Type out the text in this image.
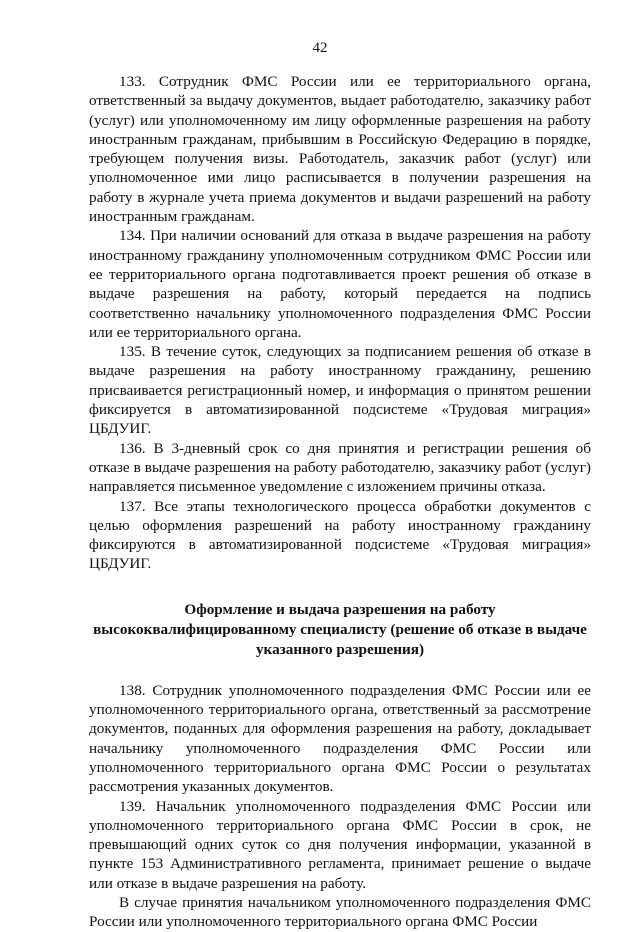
42

133. Сотрудник ФМС России или ее территориального органа, ответственный за выдачу документов, выдает работодателю, заказчику работ (услуг) или уполномоченному им лицу оформленные разрешения на работу иностранным гражданам, прибывшим в Российскую Федерацию в порядке, требующем получения визы. Работодатель, заказчик работ (услуг) или уполномоченное ими лицо расписывается в получении разрешения на работу в журнале учета приема документов и выдачи разрешений на работу иностранным гражданам.

134. При наличии оснований для отказа в выдаче разрешения на работу иностранному гражданину уполномоченным сотрудником ФМС России или ее территориального органа подготавливается проект решения об отказе в выдаче разрешения на работу, который передается на подпись соответственно начальнику уполномоченного подразделения ФМС России или ее территориального органа.

135. В течение суток, следующих за подписанием решения об отказе в выдаче разрешения на работу иностранному гражданину, решению присваивается регистрационный номер, и информация о принятом решении фиксируется в автоматизированной подсистеме «Трудовая миграция» ЦБДУИГ.

136. В 3-дневный срок со дня принятия и регистрации решения об отказе в выдаче разрешения на работу работодателю, заказчику работ (услуг) направляется письменное уведомление с изложением причины отказа.

137. Все этапы технологического процесса обработки документов с целью оформления разрешений на работу иностранному гражданину фиксируются в автоматизированной подсистеме «Трудовая миграция» ЦБДУИГ.

Оформление и выдача разрешения на работу
высококвалифицированному специалисту (решение об отказе в выдаче
указанного разрешения)

138. Сотрудник уполномоченного подразделения ФМС России или ее уполномоченного территориального органа, ответственный за рассмотрение документов, поданных для оформления разрешения на работу, докладывает начальнику уполномоченного подразделения ФМС России или уполномоченного территориального органа ФМС России о результатах рассмотрения указанных документов.

139. Начальник уполномоченного подразделения ФМС России или уполномоченного территориального органа ФМС России в срок, не превышающий одних суток со дня получения информации, указанной в пункте 153 Административного регламента, принимает решение о выдаче или отказе в выдаче разрешения на работу.

В случае принятия начальником уполномоченного подразделения ФМС России или уполномоченного территориального органа ФМС России
